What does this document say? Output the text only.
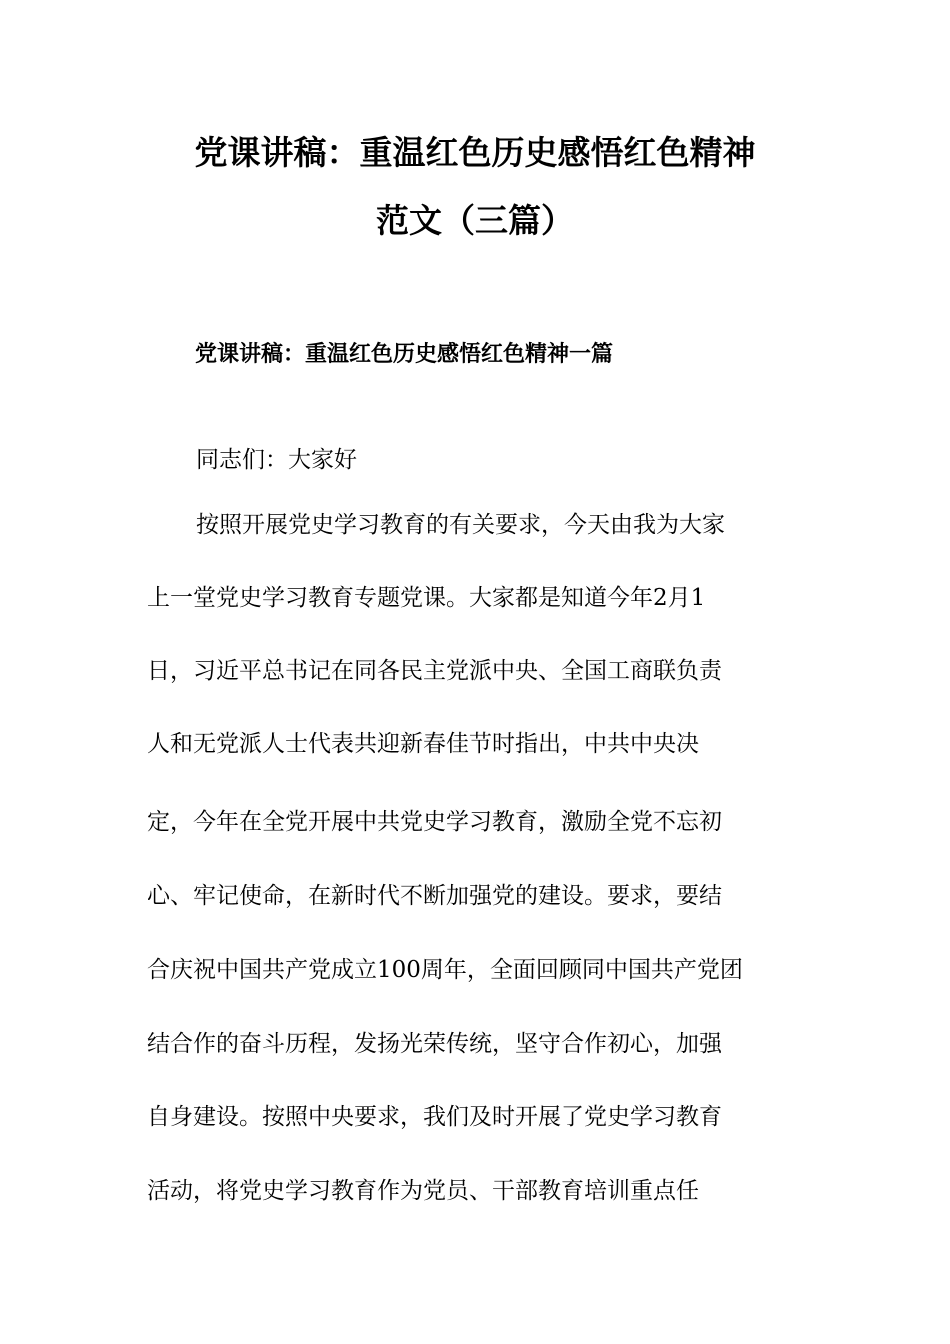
党课讲稿：重温红色历史感悟红色精神
范文（三篇）
党课讲稿：重温红色历史感悟红色精神一篇
同志们：大家好
按照开展党史学习教育的有关要求，今天由我为大家
上一堂党史学习教育专题党课。大家都是知道今年2月1
日，习近平总书记在同各民主党派中央、全国工商联负责
人和无党派人士代表共迎新春佳节时指出，中共中央决
定，今年在全党开展中共党史学习教育，激励全党不忘初
心、牢记使命，在新时代不断加强党的建设。要求，要结
合庆祝中国共产党成立100周年，全面回顾同中国共产党团
结合作的奋斗历程，发扬光荣传统，坚守合作初心，加强
自身建设。按照中央要求，我们及时开展了党史学习教育
活动，将党史学习教育作为党员、干部教育培训重点任
